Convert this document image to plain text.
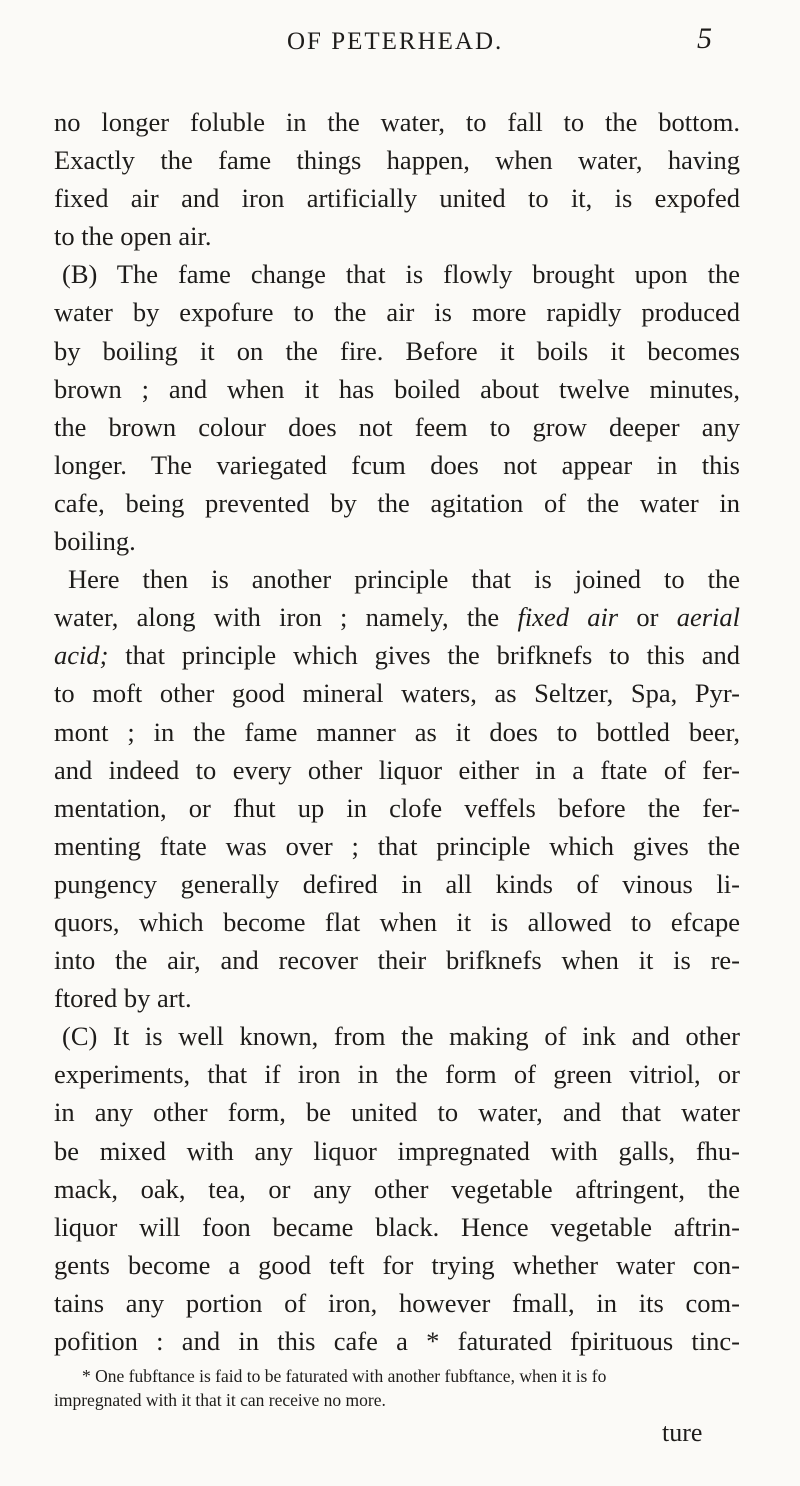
OF PETERHEAD.	5
no longer foluble in the water, to fall to the bottom.
Exactly the fame things happen, when water, having
fixed air and iron artificially united to it, is expofed
to the open air.
(B) The fame change that is flowly brought upon the
water by expofure to the air is more rapidly produced
by boiling it on the fire. Before it boils it becomes
brown ; and when it has boiled about twelve minutes,
the brown colour does not feem to grow deeper any
longer. The variegated fcum does not appear in this
cafe, being prevented by the agitation of the water in
boiling.
Here then is another principle that is joined to the
water, along with iron ; namely, the fixed air or aerial
acid; that principle which gives the brifknefs to this and
to moft other good mineral waters, as Seltzer, Spa, Pyr-
mont ; in the fame manner as it does to bottled beer,
and indeed to every other liquor either in a ftate of fer-
mentation, or fhut up in clofe veffels before the fer-
menting ftate was over ; that principle which gives the
pungency generally defired in all kinds of vinous li-
quors, which become flat when it is allowed to efcape
into the air, and recover their brifknefs when it is re-
ftored by art.
(C) It is well known, from the making of ink and other
experiments, that if iron in the form of green vitriol, or
in any other form, be united to water, and that water
be mixed with any liquor impregnated with galls, fhu-
mack, oak, tea, or any other vegetable aftringent, the
liquor will foon became black. Hence vegetable aftrin-
gents become a good teft for trying whether water con-
tains any portion of iron, however fmall, in its com-
pofition : and in this cafe a * faturated fpirituous tinc-
* One fubftance is faid to be faturated with another fubftance, when it is fo
impregnated with it that it can receive no more.
ture
